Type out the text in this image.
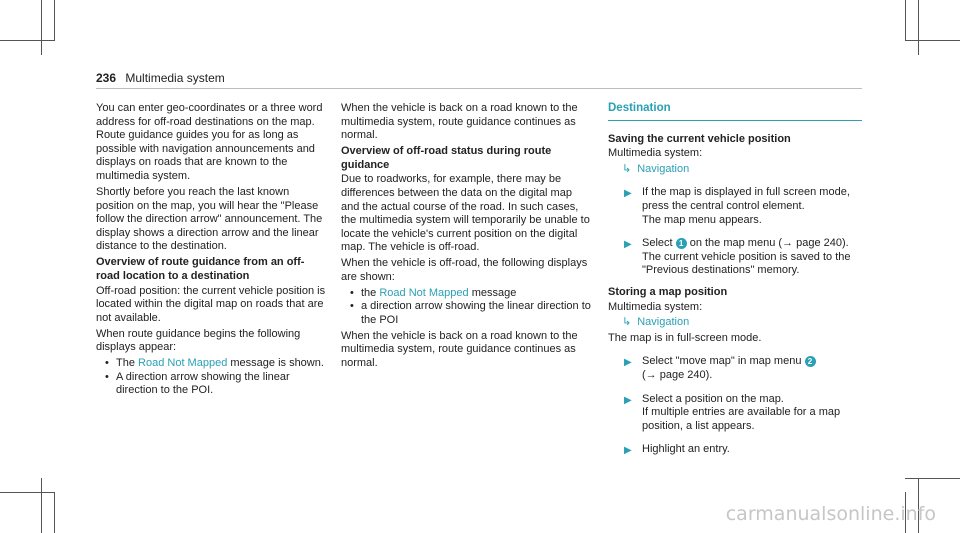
236 Multimedia system

You can enter geo-coordinates or a three word address for off-road destinations on the map. Route guidance guides you for as long as possible with navigation announcements and displays on roads that are known to the multimedia system.

Shortly before you reach the last known position on the map, you will hear the "Please follow the direction arrow" announcement. The display shows a direction arrow and the linear distance to the destination.

Overview of route guidance from an off-road location to a destination

Off-road position: the current vehicle position is located within the digital map on roads that are not available.

When route guidance begins the following displays appear:

• The Road Not Mapped message is shown.
• A direction arrow showing the linear direction to the POI.

When the vehicle is back on a road known to the multimedia system, route guidance continues as normal.

Overview of off-road status during route guidance

Due to roadworks, for example, there may be differences between the data on the digital map and the actual course of the road. In such cases, the multimedia system will temporarily be unable to locate the vehicle's current position on the digital map. The vehicle is off-road.

When the vehicle is off-road, the following displays are shown:

• the Road Not Mapped message
• a direction arrow showing the linear direction to the POI

When the vehicle is back on a road known to the multimedia system, route guidance continues as normal.

Destination

Saving the current vehicle position

Multimedia system:

↳ Navigation
▶ If the map is displayed in full screen mode, press the central control element.
The map menu appears.
▶ Select 1 on the map menu (→ page 240).
The current vehicle position is saved to the "Previous destinations" memory.

Storing a map position

Multimedia system:

↳ Navigation

The map is in full-screen mode.

▶ Select "move map" in map menu 2
(→ page 240).
▶ Select a position on the map.
If multiple entries are available for a map position, a list appears.
▶ Highlight an entry.
carmanualsonline.info
